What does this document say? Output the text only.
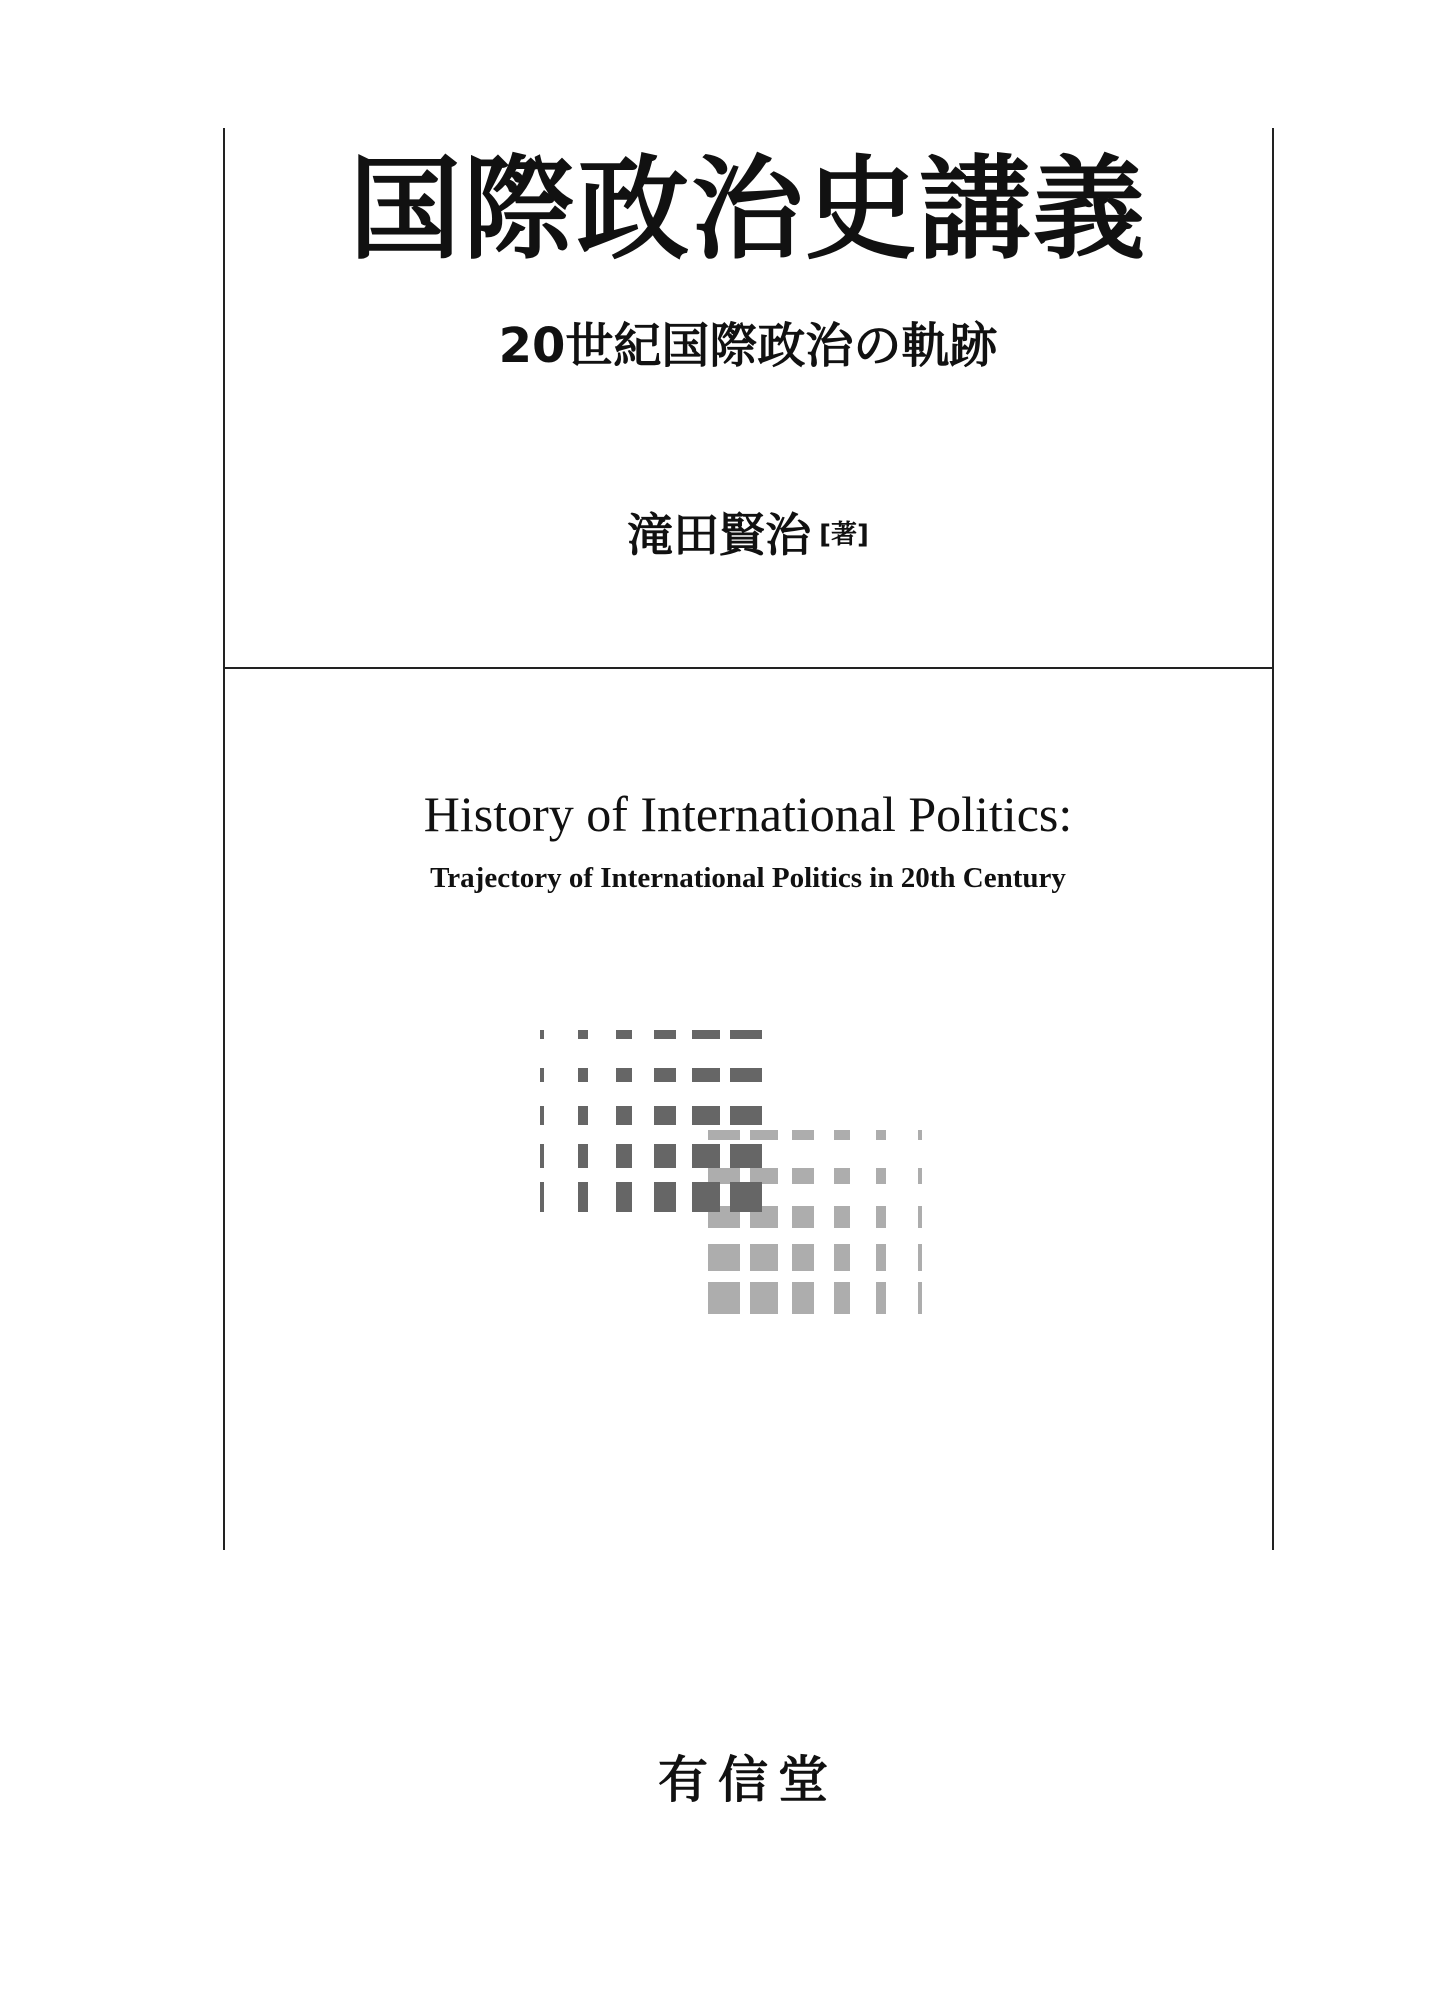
国際政治史講義
20世紀国際政治の軌跡
滝田賢治 [著]
History of International Politics:
Trajectory of International Politics in 20th Century
有信堂
